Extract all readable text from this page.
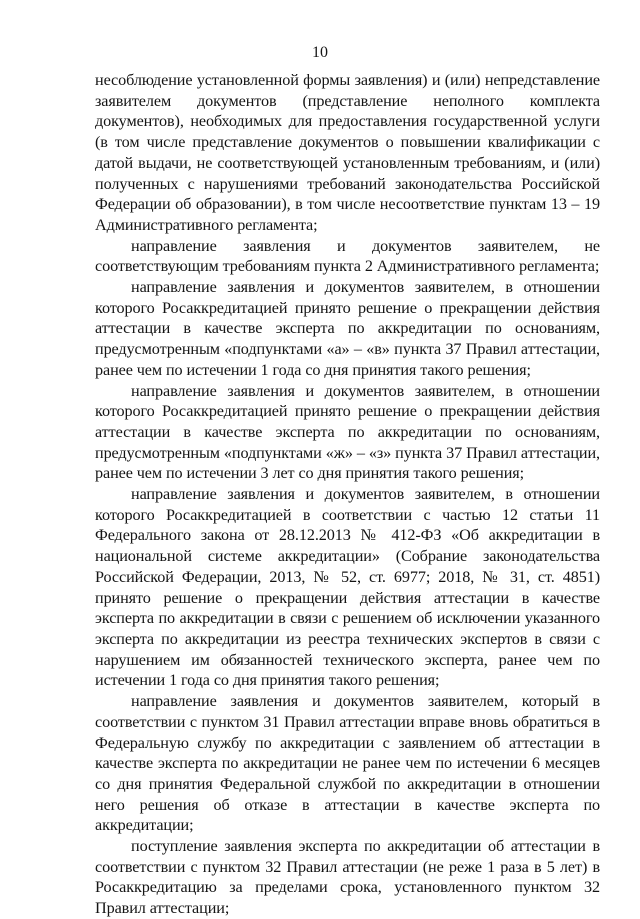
10

несоблюдение установленной формы заявления) и (или) непредставление заявителем документов (представление неполного комплекта документов), необходимых для предоставления государственной услуги (в том числе представление документов о повышении квалификации с датой выдачи, не соответствующей установленным требованиям, и (или) полученных с нарушениями требований законодательства Российской Федерации об образовании), в том числе несоответствие пунктам 13 – 19 Административного регламента;

направление заявления и документов заявителем, не соответствующим требованиям пункта 2 Административного регламента;

направление заявления и документов заявителем, в отношении которого Росаккредитацией принято решение о прекращении действия аттестации в качестве эксперта по аккредитации по основаниям, предусмотренным «подпунктами «а» – «в» пункта 37 Правил аттестации, ранее чем по истечении 1 года со дня принятия такого решения;

направление заявления и документов заявителем, в отношении которого Росаккредитацией принято решение о прекращении действия аттестации в качестве эксперта по аккредитации по основаниям, предусмотренным «подпунктами «ж» – «з» пункта 37 Правил аттестации, ранее чем по истечении 3 лет со дня принятия такого решения;

направление заявления и документов заявителем, в отношении которого Росаккредитацией в соответствии с частью 12 статьи 11 Федерального закона от 28.12.2013 № 412-ФЗ «Об аккредитации в национальной системе аккредитации» (Собрание законодательства Российской Федерации, 2013, № 52, ст. 6977; 2018, № 31, ст. 4851) принято решение о прекращении действия аттестации в качестве эксперта по аккредитации в связи с решением об исключении указанного эксперта по аккредитации из реестра технических экспертов в связи с нарушением им обязанностей технического эксперта, ранее чем по истечении 1 года со дня принятия такого решения;

направление заявления и документов заявителем, который в соответствии с пунктом 31 Правил аттестации вправе вновь обратиться в Федеральную службу по аккредитации с заявлением об аттестации в качестве эксперта по аккредитации не ранее чем по истечении 6 месяцев со дня принятия Федеральной службой по аккредитации в отношении него решения об отказе в аттестации в качестве эксперта по аккредитации;

поступление заявления эксперта по аккредитации об аттестации в соответствии с пунктом 32 Правил аттестации (не реже 1 раза в 5 лет) в Росаккредитацию за пределами срока, установленного пунктом 32 Правил аттестации;
